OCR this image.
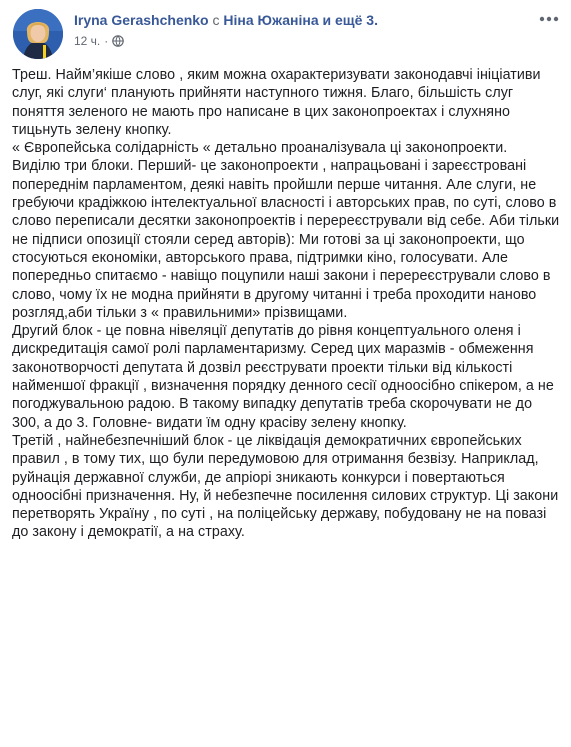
Iryna Gerashchenko с Ніна Южаніна и ещё 3.
12 ч. ·

Треш. Найм’якіше слово , яким можна охарактеризувати законодавчі ініціативи слуг, які слуги‘ планують прийняти наступного тижня. Благо, більшість слуг поняття зеленого не мають про написане в цих законопроектах і слухняно тицьнуть зелену кнопку.

« Європейська солідарність « детально проаналізувала ці законопроекти.

Виділю три блоки. Перший- це законопроекти , напрацьовані і зареєстровані попереднім парламентом, деякі навіть пройшли перше читання. Але слуги, не гребуючи крадіжкою інтелектуальної власності і авторських прав, по суті, слово в слово переписали десятки законопроектів і перереєстрували від себе. Аби тільки не підписи опозиції стояли серед авторів): Ми готові за ці законопроекти, що стосуються економіки, авторського права, підтримки кіно, голосувати. Але попередньо спитаємо - навіщо поцупили наші закони і перереєстрували слово в слово, чому їх не модна прийняти в другому читанні і треба проходити наново розгляд,аби тільки з « правильними» прізвищами.

Другий блок - це повна нівеляції депутатів до рівня концептуального оленя і дискредитація самої ролі парламентаризму. Серед цих маразмів - обмеження законотворчості депутата й дозвіл реєструвати проекти тільки від кількості найменшої фракції , визначення порядку денного сесії одноосібно спікером, а не погоджувальною радою. В такому випадку депутатів треба скорочувати не до 300, а до 3. Головне- видати їм одну красіву зелену кнопку.

Третій , найнебезпечніший блок - це ліквідація демократичних європейських правил , в тому тих, що були передумовою для отримання безвізу. Наприклад, руйнація державної служби, де апріорі зникають конкурси і повертаються одноосібні призначення. Ну, й небезпечне посилення силових структур. Ці закони перетворять Україну , по суті , на поліцейську державу, побудовану не на повазі до закону і демократії, а на страху.
